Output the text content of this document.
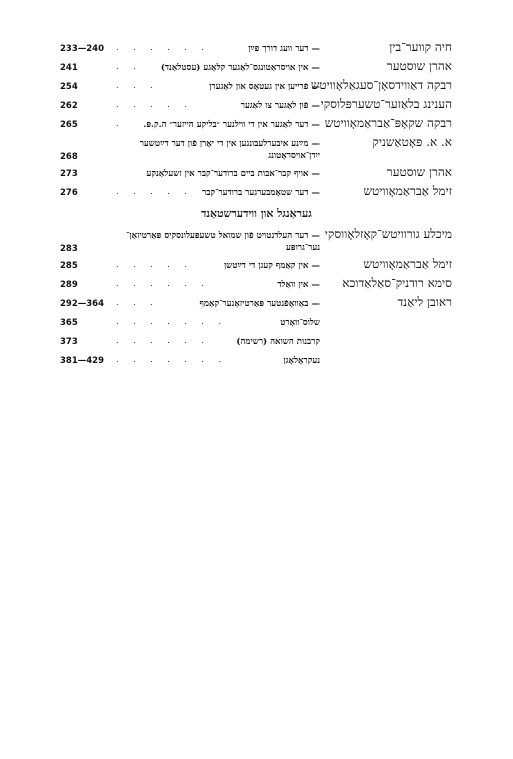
חיה קווער־בין
— דער וועג דורך פײַן
. . . . . .
233—240
אהרן שוסטער
— אין אויסראַטונגס־לאַגער קלאָגע (עסטלאַנד)
. .
241
רבקה דאַווידסאָן־סעגאַלאָוויטש
— פֿרייען אין געטאָס און לאַגערן
. . .
254
הענינג בלאַזער־טשערפּלוסקי
— פֿון לאַגער צו לאַגער
. . . . .
262
רבקה שקאָפּ־אַבראַמאָוויטש
— דער לאַגער אין די ווילנער ״בליקע הייזער״ ה.ק.פּ.
.
265
א. א. פּאָטאַשניק
— מײַנע איבערלעבונגען אין די יאָרן פֿון דער דײַטשער
ייִדן־אויסראָטונג
268
אהרן שוסטער
— אויף קבר־אבות ביים ברודער־קבר אין זשעלאַנקע
273
זימל אַבראַמאָוויטש
— דער שטאָמבערגער ברודער־קבר
. . . . .
276
געראַנגל און ווידערשטאַנד
מיכלע גורוויטש־קאָזלאָווסקי
— דער העלדנטויט פֿון שמואל טשעפּעלונסקיס פּאַרטיזאַן־
נער־גרופּע
283
זימל אַבראַמאָוויטש
— אין קאַמף קעגן די דײַטשן
. . . . .
285
סימא רודניק־סאַלאַדוכא
— אין וואַלד
. . . . . .
289
ראובן ליאַנד
— באַוואָפֿנטער פּאַרטיזאַנער־קאַמף
. . .
292—364
שלוס־וואָרט
. . . . . . .
365
קרבנות השואה (רשימה)
. . . . . .
373
נעקראָלאָגן
. . . . . . .
381—429
